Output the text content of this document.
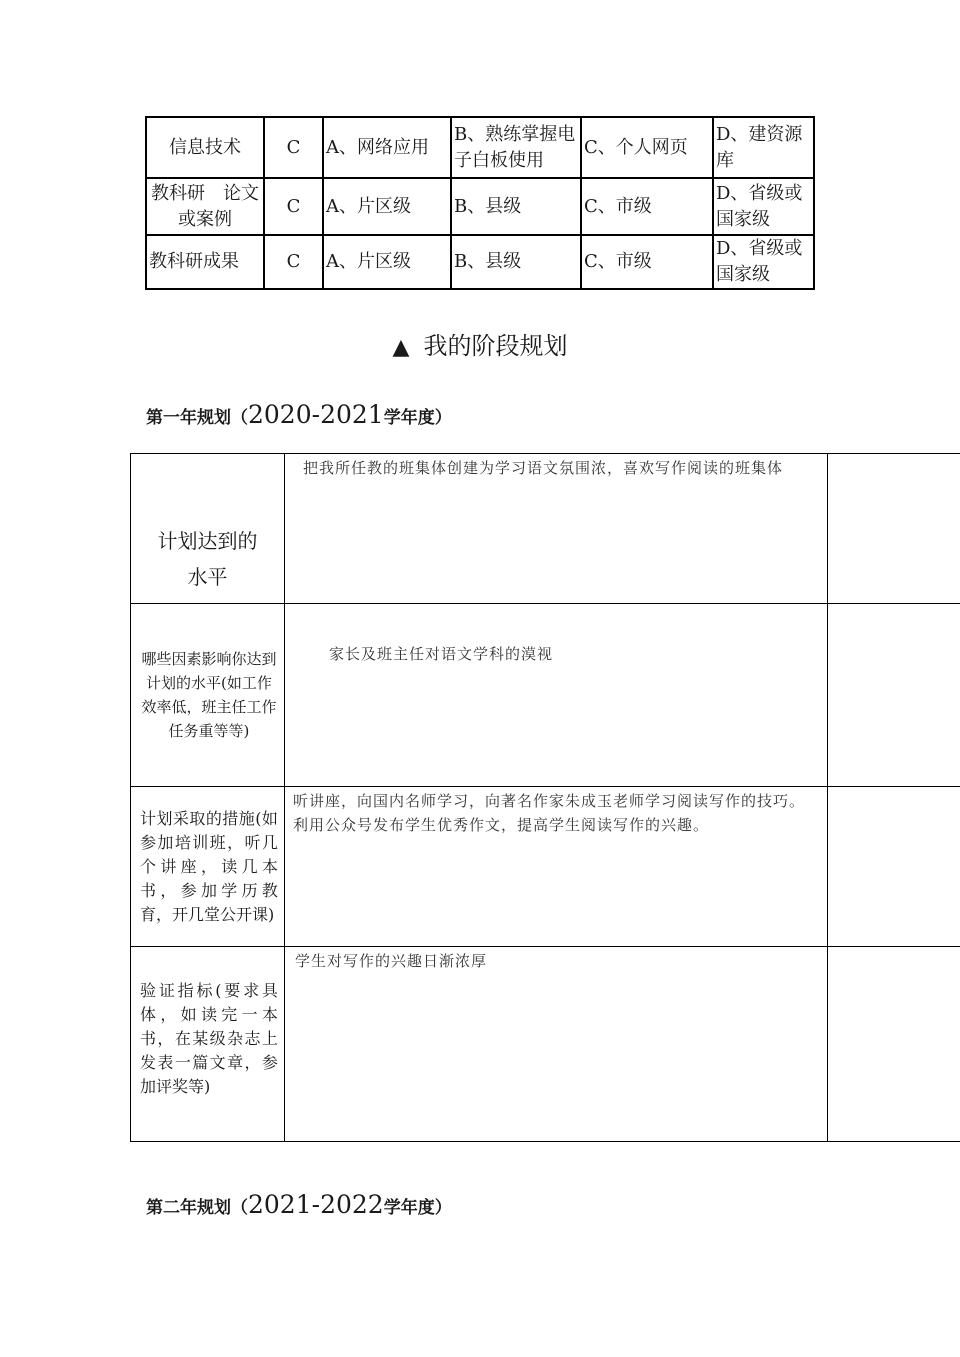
信息技术	C	A、网络应用	B、熟练掌握电子白板使用	C、个人网页	D、建资源库
教科研　论文或案例	C	A、片区级	B、县级	C、市级	D、省级或国家级
教科研成果	C	A、片区级	B、县级	C、市级	D、省级或国家级
▲ 我的阶段规划
第一年规划（2020-2021学年度）
计划达到的水平	把我所任教的班集体创建为学习语文氛围浓，喜欢写作阅读的班集体	
哪些因素影响你达到计划的水平(如工作效率低，班主任工作任务重等等)	家长及班主任对语文学科的漠视	
计划采取的措施(如参加培训班，听几个讲座，读几本书，参加学历教育，开几堂公开课)	听讲座，向国内名师学习，向著名作家朱成玉老师学习阅读写作的技巧。利用公众号发布学生优秀作文，提高学生阅读写作的兴趣。	
验证指标(要求具体，如读完一本书，在某级杂志上发表一篇文章，参加评奖等)	学生对写作的兴趣日渐浓厚	
第二年规划（2021-2022学年度）
